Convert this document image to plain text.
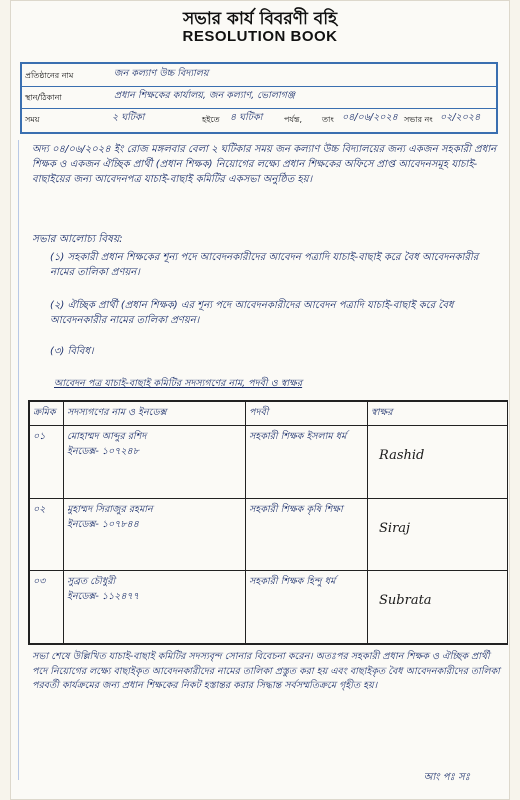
সভার কার্য বিবরণী বহি
RESOLUTION BOOK
প্রতিষ্ঠানের নাম	জন কল্যাণ উচ্চ বিদ্যালয়
স্থান/ঠিকানা	প্রধান শিক্ষকের কার্যালয়, জন কল্যাণ, ভোলাগঞ্জ
সময়	২ ঘটিকা	হইতে ৪ ঘটিকা	পর্যন্ত, তাং ০৪/০৬/২০২৪ সভার নং ০২/২০২৪
অদ্য ০৪/০৬/২০২৪ ইং রোজ মঙ্গলবার বেলা ২ ঘটিকার সময় জন কল্যাণ উচ্চ বিদ্যালয়ের জন্য একজন সহকারী প্রধান শিক্ষক ও একজন ঐচ্ছিক প্রার্থী (প্রধান শিক্ষক) নিয়োগের লক্ষ্যে প্রধান শিক্ষকের অফিসে প্রাপ্ত আবেদনসমূহ যাচাই-বাছাইয়ের জন্য আবেদনপত্র যাচাই-বাছাই কমিটির একসভা অনুষ্ঠিত হয়।
সভার আলোচ্য বিষয়:
(১) সহকারী প্রধান শিক্ষকের শূন্য পদে আবেদনকারীদের আবেদন পত্রাদি যাচাই-বাছাই করে বৈধ আবেদনকারীর নামের তালিকা প্রণয়ন।
(২) ঐচ্ছিক প্রার্থী (প্রধান শিক্ষক) এর শূন্য পদে আবেদনকারীদের আবেদন পত্রাদি যাচাই-বাছাই করে বৈধ আবেদনকারীর নামের তালিকা প্রণয়ন।
(৩) বিবিধ।
আবেদন পত্র যাচাই-বাছাই কমিটির সদস্যগণের নাম, পদবী ও স্বাক্ষর
ক্রমিক	সদস্যগণের নাম ও ইনডেক্স	পদবী	স্বাক্ষর

০১	মোহাম্মদ আব্দুর রশিদ
ইনডেক্স- ১০৭২৪৮	সহকারী শিক্ষক ইসলাম ধর্ম	Rashid

০২	মুহাম্মদ সিরাজুর রহমান
ইনডেক্স- ১০৭৮৪৪	সহকারী শিক্ষক কৃষি শিক্ষা	Siraj

০৩	সুব্রত চৌধুরী
ইনডেক্স- ১১২৪৭৭	সহকারী শিক্ষক হিন্দু ধর্ম	Subrata
সভা শেষে উল্লিখিত যাচাই-বাছাই কমিটির সদস্যবৃন্দ সোনার বিবেচনা করেন। অতঃপর সহকারী প্রধান শিক্ষক ও ঐচ্ছিক প্রার্থী পদে নিয়োগের লক্ষ্যে বাছাইকৃত আবেদনকারীদের নামের তালিকা প্রস্তুত করা হয় এবং বাছাইকৃত বৈধ আবেদনকারীদের তালিকা পরবর্তী কার্যক্রমের জন্য প্রধান শিক্ষকের নিকট হস্তান্তর করার সিদ্ধান্ত সর্বসম্মতিক্রমে গৃহীত হয়।
আং পঃ সঃ
